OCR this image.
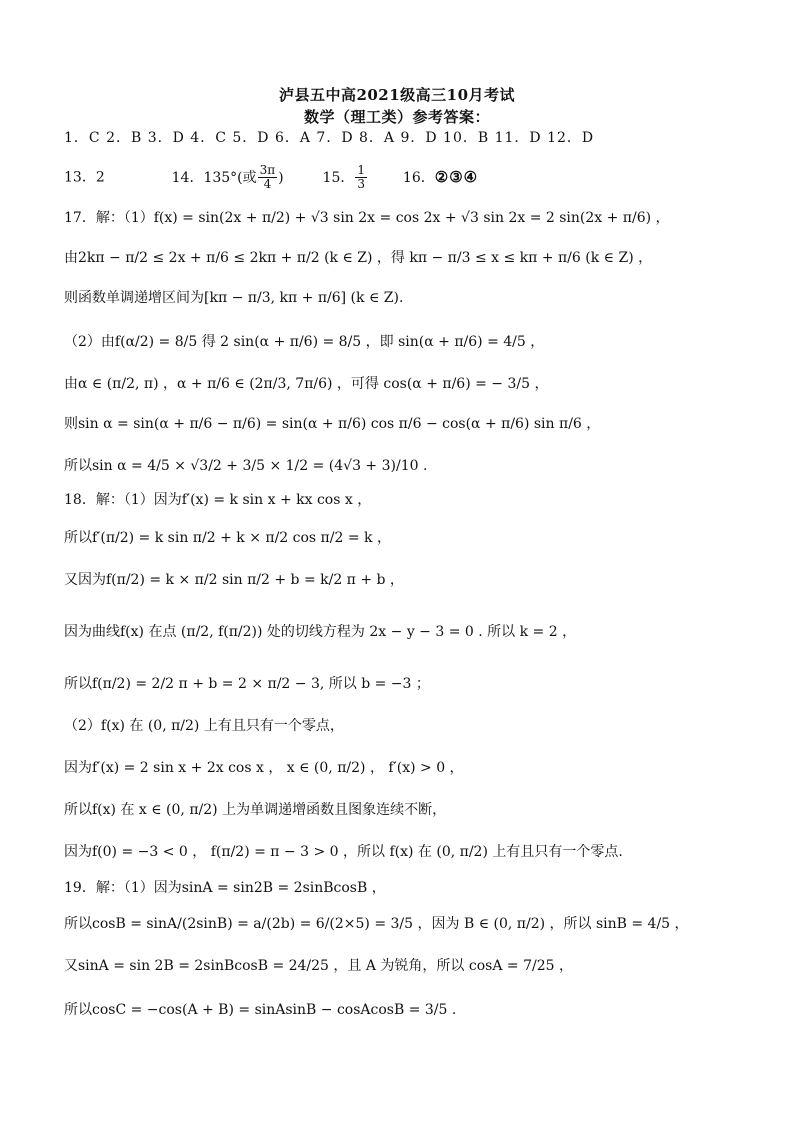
泸县五中高2021级高三10月考试
数学（理工类）参考答案：
1．C 2．B 3．D 4．C 5．D 6．A 7．D 8．A 9．D 10．B 11．D 12．D
13．2	14．135°(或 $\frac{3\pi}{4}$ )	15． $\frac{1}{3}$	16．②③④
17．解：（1）f(x) = sin(2x + π/2) + √3 sin 2x = cos 2x + √3 sin 2x = 2 sin(2x + π/6) ，
由2kπ − π/2 ≤ 2x + π/6 ≤ 2kπ + π/2 (k ∈ Z) ，得 kπ − π/3 ≤ x ≤ kπ + π/6 (k ∈ Z) ，
则函数单调递增区间为[kπ − π/3, kπ + π/6] (k ∈ Z).
（2）由f(α/2) = 8/5 得 2 sin(α + π/6) = 8/5 ，即 sin(α + π/6) = 4/5 ，
由α ∈ (π/2, π) ，α + π/6 ∈ (2π/3, 7π/6) ，可得 cos(α + π/6) = − 3/5 ，
则sin α = sin(α + π/6 − π/6) = sin(α + π/6) cos π/6 − cos(α + π/6) sin π/6 ，
所以sin α = 4/5 × √3/2 + 3/5 × 1/2 = (4√3 + 3)/10 .
18．解：（1）因为f′(x) = k sin x + kx cos x ，
所以f′(π/2) = k sin π/2 + k × π/2 cos π/2 = k ，
又因为f(π/2) = k × π/2 sin π/2 + b = k/2 π + b ，
因为曲线f(x) 在点 (π/2, f(π/2)) 处的切线方程为 2x − y − 3 = 0 . 所以 k = 2 ，
所以f(π/2) = 2/2 π + b = 2 × π/2 − 3, 所以 b = −3 ；
（2）f(x) 在 (0, π/2) 上有且只有一个零点，
因为f′(x) = 2 sin x + 2x cos x ， x ∈ (0, π/2) ， f′(x) > 0 ，
所以f(x) 在 x ∈ (0, π/2) 上为单调递增函数且图象连续不断，
因为f(0) = −3 < 0 ， f(π/2) = π − 3 > 0 ，所以 f(x) 在 (0, π/2) 上有且只有一个零点.
19．解：（1）因为sinA = sin2B = 2sinBcosB ，
所以cosB = sinA/(2sinB) = a/(2b) = 6/(2×5) = 3/5 ，因为 B ∈ (0, π/2) ，所以 sinB = 4/5 ，
又sinA = sin 2B = 2sinBcosB = 24/25 ，且 A 为锐角，所以 cosA = 7/25 ，
所以cosC = −cos(A + B) = sinAsinB − cosAcosB = 3/5 .
